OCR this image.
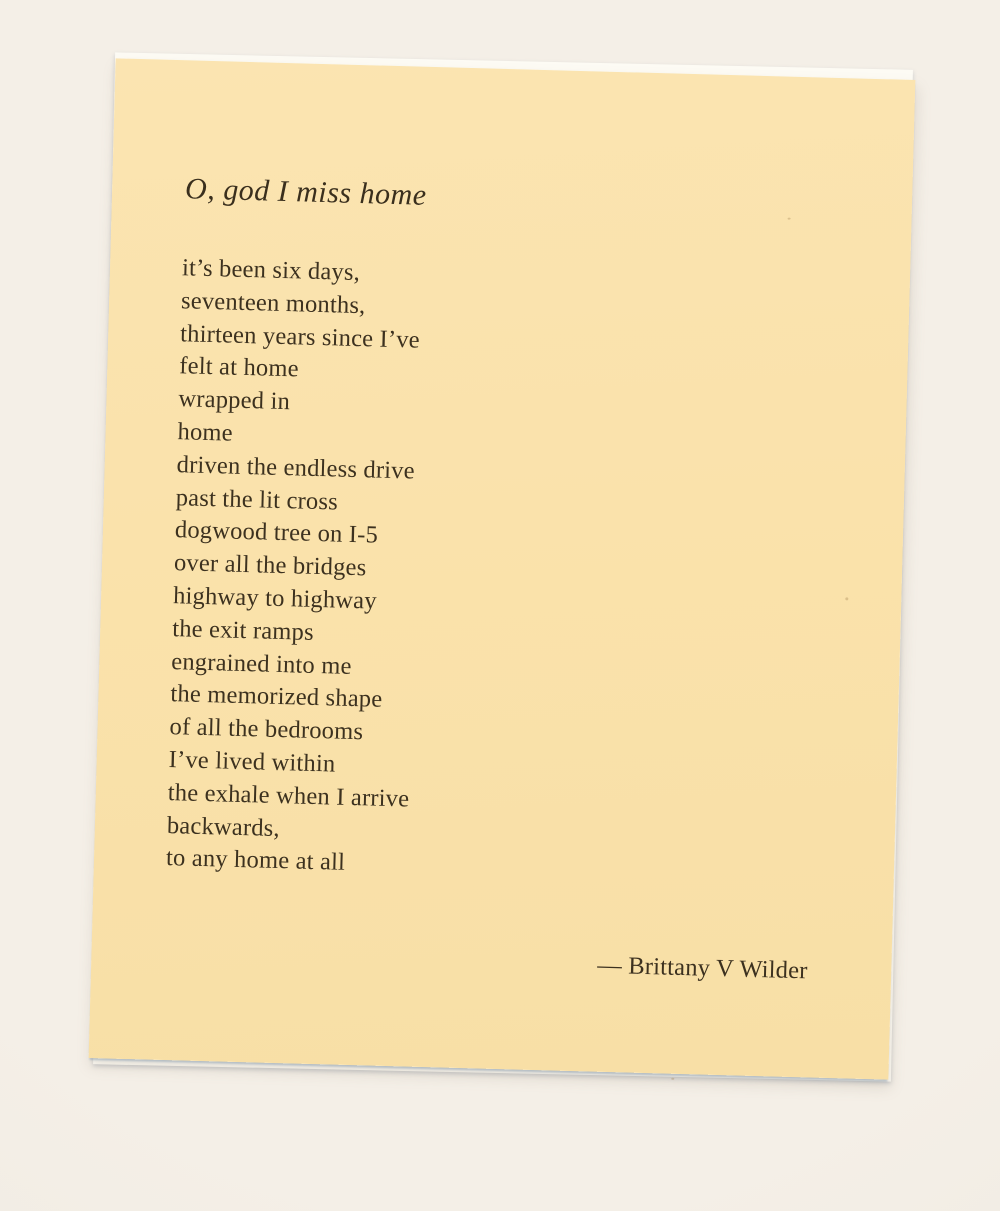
O, god I miss home
it’s been six days,
seventeen months,
thirteen years since I’ve
felt at home
wrapped in
home
driven the endless drive
past the lit cross
dogwood tree on I-5
over all the bridges
highway to highway
the exit ramps
engrained into me
the memorized shape
of all the bedrooms
I’ve lived within
the exhale when I arrive
backwards,
to any home at all
— Brittany V Wilder
